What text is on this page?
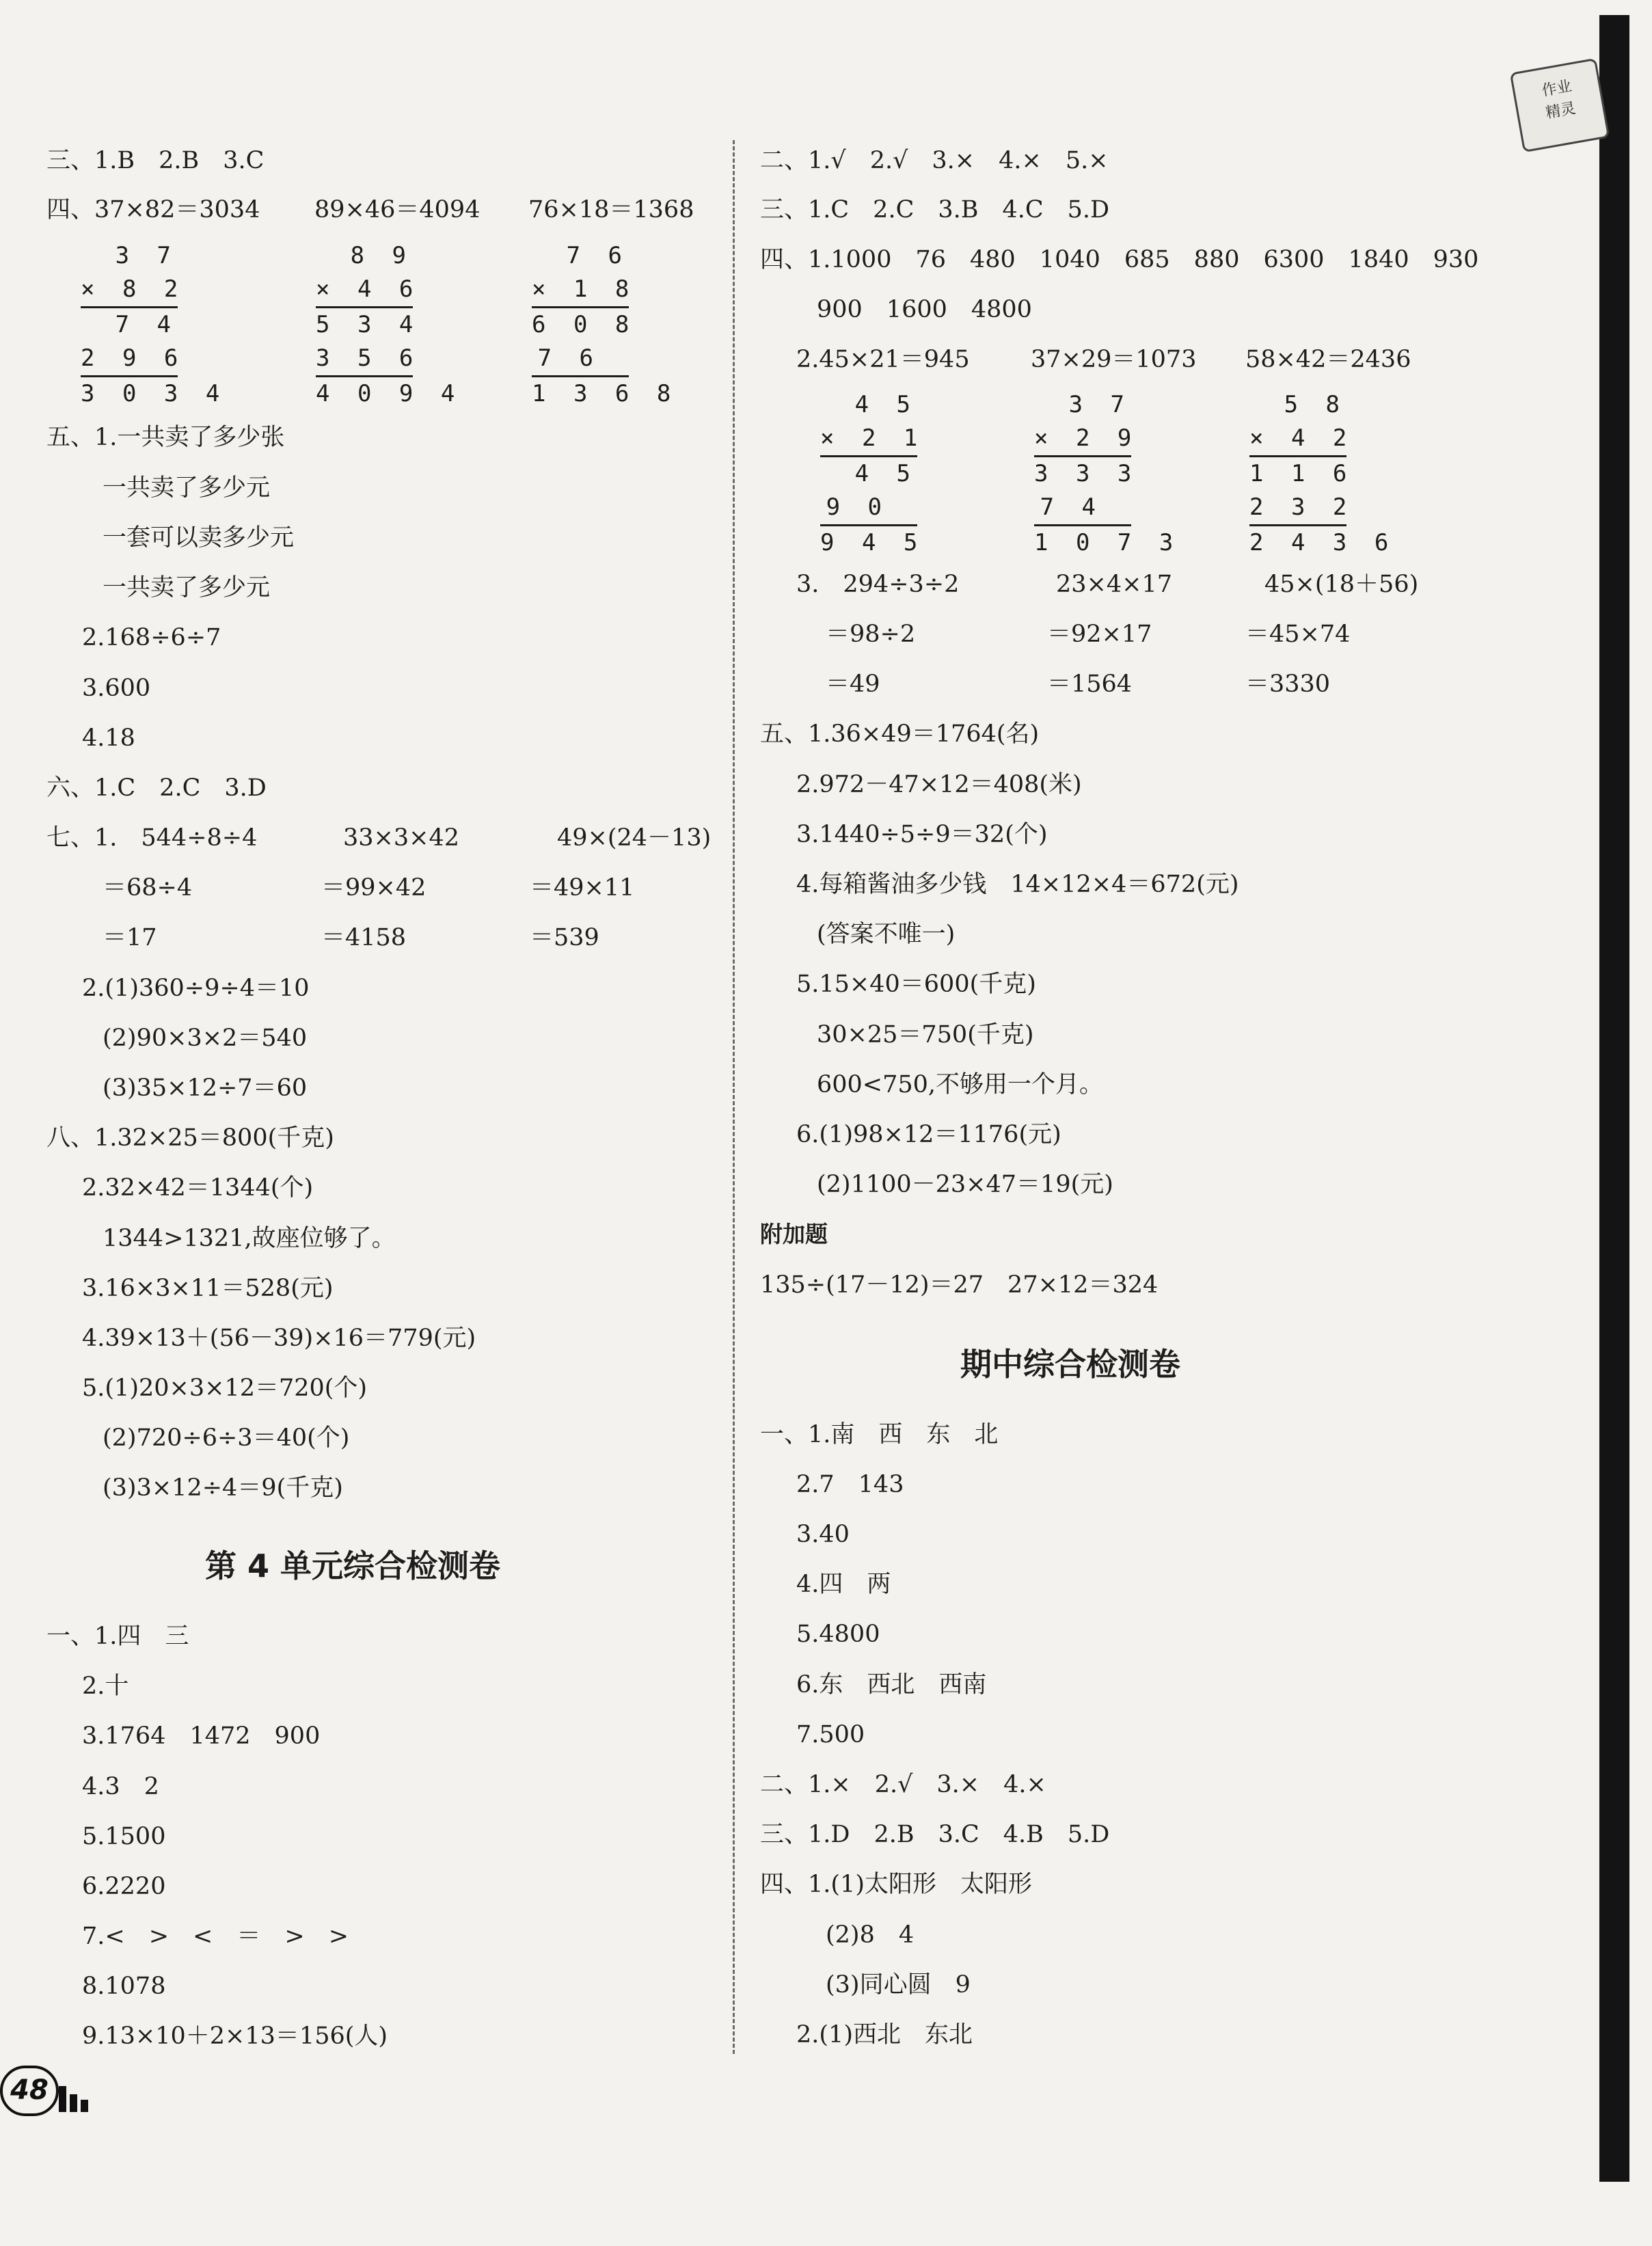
作业
精灵
三、1.B　2.B　3.C
四、37×82＝3034 89×46＝4094 76×18＝1368
3 7
× 8 2
7 4
2 9 6
3 0 3 4
8 9
× 4 6
5 3 4
3 5 6
4 0 9 4
7 6
× 1 8
6 0 8
7 6
1 3 6 8
五、1.一共卖了多少张
一共卖了多少元
一套可以卖多少元
一共卖了多少元
2.168÷6÷7
3.600
4.18
六、1.C　2.C　3.D
七、1.　544÷8÷4	33×3×42	49×(24－13)
＝68÷4	＝99×42	＝49×11
＝17	＝4158	＝539
2.(1)360÷9÷4＝10
(2)90×3×2＝540
(3)35×12÷7＝60
八、1.32×25＝800(千克)
2.32×42＝1344(个)
1344>1321,故座位够了。
3.16×3×11＝528(元)
4.39×13＋(56－39)×16＝779(元)
5.(1)20×3×12＝720(个)
(2)720÷6÷3＝40(个)
(3)3×12÷4＝9(千克)
第 4 单元综合检测卷
一、1.四　三
2.十
3.1764　1472　900
4.3　2
5.1500
6.2220
7.<　>　<　＝　>　>
8.1078
9.13×10＋2×13＝156(人)
二、1.√　2.√　3.×　4.×　5.×
三、1.C　2.C　3.B　4.C　5.D
四、1.1000　76　480　1040　685　880　6300　1840　930
900　1600　4800
2.45×21＝945	37×29＝1073 58×42＝2436
4 5
× 2 1
4 5
9 0
9 4 5
3 7
× 2 9
3 3 3
7 4
1 0 7 3
5 8
× 4 2
1 1 6
2 3 2
2 4 3 6
3.　294÷3÷2	23×4×17	45×(18＋56)
＝98÷2	＝92×17	＝45×74
＝49	＝1564	＝3330
五、1.36×49＝1764(名)
2.972－47×12＝408(米)
3.1440÷5÷9＝32(个)
4.每箱酱油多少钱　14×12×4＝672(元)
(答案不唯一)
5.15×40＝600(千克)
30×25＝750(千克)
600<750,不够用一个月。
6.(1)98×12＝1176(元)
(2)1100－23×47＝19(元)
附加题
135÷(17－12)＝27　27×12＝324
期中综合检测卷
一、1.南　西　东　北
2.7　143
3.40
4.四　两
5.4800
6.东　西北　西南
7.500
二、1.×　2.√　3.×　4.×
三、1.D　2.B　3.C　4.B　5.D
四、1.(1)太阳形　太阳形
(2)8　4
(3)同心圆　9
2.(1)西北　东北
48
